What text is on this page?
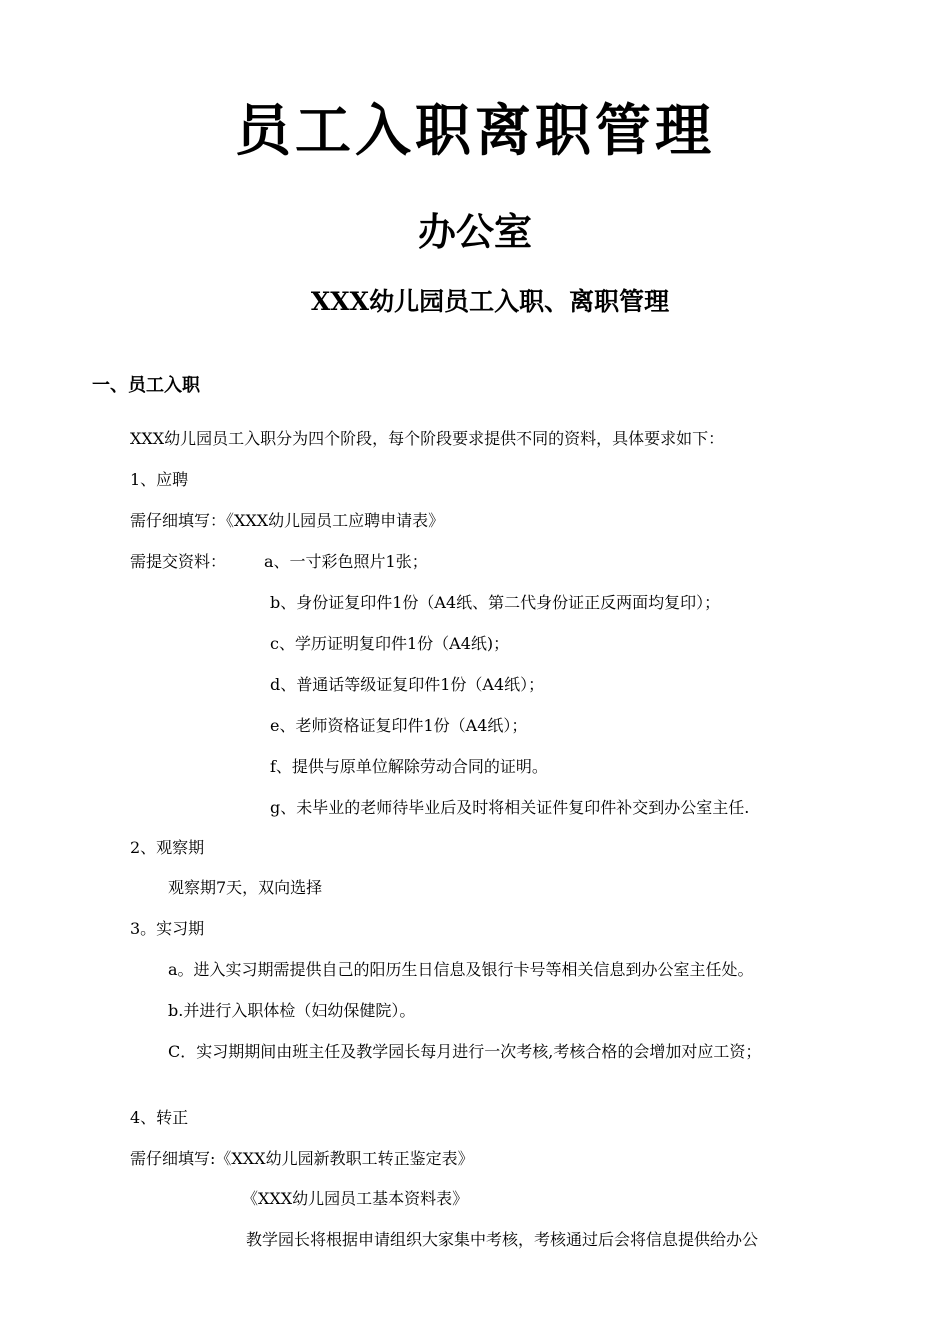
员工入职离职管理
办公室
XXX幼儿园员工入职、离职管理
一、员工入职
XXX幼儿园员工入职分为四个阶段，每个阶段要求提供不同的资料，具体要求如下：
1、应聘
需仔细填写：《XXX幼儿园员工应聘申请表》
需提交资料： a、一寸彩色照片1张；
b、身份证复印件1份（A4纸、第二代身份证正反两面均复印）；
c、学历证明复印件1份（A4纸)；
d、普通话等级证复印件1份（A4纸）；
e、老师资格证复印件1份（A4纸）；
f、提供与原单位解除劳动合同的证明。
g、未毕业的老师待毕业后及时将相关证件复印件补交到办公室主任.
2、观察期
观察期7天，双向选择
3。实习期
a。进入实习期需提供自己的阳历生日信息及银行卡号等相关信息到办公室主任处。
b.并进行入职体检（妇幼保健院）。
C．实习期期间由班主任及教学园长每月进行一次考核,考核合格的会增加对应工资；
4、转正
需仔细填写:《XXX幼儿园新教职工转正鉴定表》
《XXX幼儿园员工基本资料表》
教学园长将根据申请组织大家集中考核，考核通过后会将信息提供给办公
